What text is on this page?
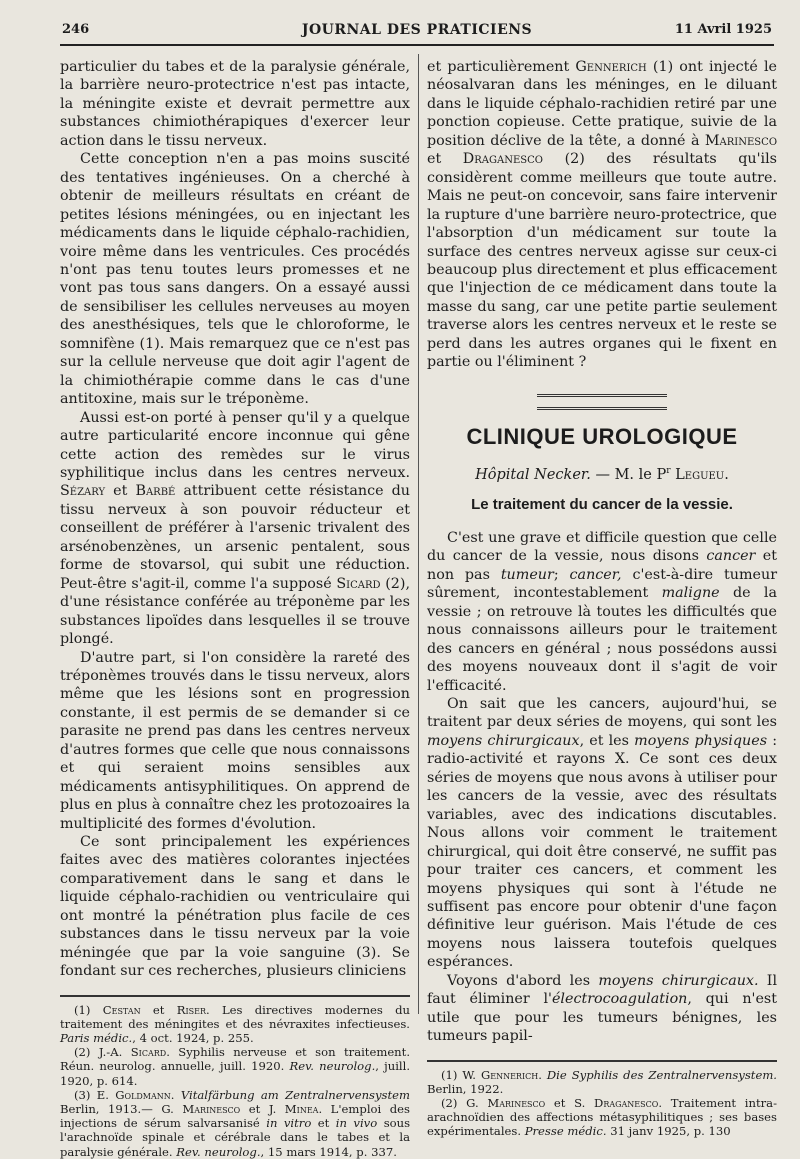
246	JOURNAL DES PRATICIENS	11 Avril 1925

particulier du tabes et de la paralysie générale, la barrière neuro-protectrice n'est pas intacte, la méningite existe et devrait permettre aux substances chimiothérapiques d'exercer leur action dans le tissu nerveux.

Cette conception n'en a pas moins suscité des tentatives ingénieuses. On a cherché à obtenir de meilleurs résultats en créant de petites lésions méningées, ou en injectant les médicaments dans le liquide céphalo-rachidien, voire même dans les ventricules. Ces procédés n'ont pas tenu toutes leurs promesses et ne vont pas tous sans dangers. On a essayé aussi de sensibiliser les cellules nerveuses au moyen des anesthésiques, tels que le chloroforme, le somnifène (1). Mais remarquez que ce n'est pas sur la cellule nerveuse que doit agir l'agent de la chimiothérapie comme dans le cas d'une antitoxine, mais sur le tréponème.

Aussi est-on porté à penser qu'il y a quelque autre particularité encore inconnue qui gêne cette action des remèdes sur le virus syphilitique inclus dans les centres nerveux. Sézary et Barbé attribuent cette résistance du tissu nerveux à son pouvoir réducteur et conseillent de préférer à l'arsenic trivalent des arsénobenzènes, un arsenic pentalent, sous forme de stovarsol, qui subit une réduction. Peut-être s'agit-il, comme l'a supposé Sicard (2), d'une résistance conférée au tréponème par les substances lipoïdes dans lesquelles il se trouve plongé.

D'autre part, si l'on considère la rareté des tréponèmes trouvés dans le tissu nerveux, alors même que les lésions sont en progression constante, il est permis de se demander si ce parasite ne prend pas dans les centres nerveux d'autres formes que celle que nous connaissons et qui seraient moins sensibles aux médicaments antisyphilitiques. On apprend de plus en plus à connaître chez les protozoaires la multiplicité des formes d'évolution.

Ce sont principalement les expériences faites avec des matières colorantes injectées comparativement dans le sang et dans le liquide céphalo-rachidien ou ventriculaire qui ont montré la pénétration plus facile de ces substances dans le tissu nerveux par la voie méningée que par la voie sanguine (3). Se fondant sur ces recherches, plusieurs cliniciens

(1) Cestan et Riser. Les directives modernes du traitement des méningites et des névraxites infectieuses. Paris médic., 4 oct. 1924, p. 255.

(2) J.-A. Sicard. Syphilis nerveuse et son traitement. Réun. neurolog. annuelle, juill. 1920. Rev. neurolog., juill. 1920, p. 614.

(3) E. Goldmann. Vitalfärbung am Zentralnervensystem Berlin, 1913.— G. Marinesco et J. Minea. L'emploi des injections de sérum salvarsanisé in vitro et in vivo sous l'arachnoïde spinale et cérébrale dans le tabes et la paralysie générale. Rev. neurolog., 15 mars 1914, p. 337.

et particulièrement Gennerich (1) ont injecté le néosalvaran dans les méninges, en le diluant dans le liquide céphalo-rachidien retiré par une ponction copieuse. Cette pratique, suivie de la position déclive de la tête, a donné à Marinesco et Draganesco (2) des résultats qu'ils considèrent comme meilleurs que toute autre. Mais ne peut-on concevoir, sans faire intervenir la rupture d'une barrière neuro-protectrice, que l'absorption d'un médicament sur toute la surface des centres nerveux agisse sur ceux-ci beaucoup plus directement et plus efficacement que l'injection de ce médicament dans toute la masse du sang, car une petite partie seulement traverse alors les centres nerveux et le reste se perd dans les autres organes qui le fixent en partie ou l'éliminent ?

CLINIQUE UROLOGIQUE
Hôpital Necker. — M. le $P^r$ Legueu.
Le traitement du cancer de la vessie.

C'est une grave et difficile question que celle du cancer de la vessie, nous disons cancer et non pas tumeur; cancer, c'est-à-dire tumeur sûrement, incontestablement maligne de la vessie ; on retrouve là toutes les difficultés que nous connaissons ailleurs pour le traitement des cancers en général ; nous possédons aussi des moyens nouveaux dont il s'agit de voir l'efficacité.

On sait que les cancers, aujourd'hui, se traitent par deux séries de moyens, qui sont les moyens chirurgicaux, et les moyens physiques : radio-activité et rayons X. Ce sont ces deux séries de moyens que nous avons à utiliser pour les cancers de la vessie, avec des résultats variables, avec des indications discutables. Nous allons voir comment le traitement chirurgical, qui doit être conservé, ne suffit pas pour traiter ces cancers, et comment les moyens physiques qui sont à l'étude ne suffisent pas encore pour obtenir d'une façon définitive leur guérison. Mais l'étude de ces moyens nous laissera toutefois quelques espérances.

Voyons d'abord les moyens chirurgicaux. Il faut éliminer l'électrocoagulation, qui n'est utile que pour les tumeurs bénignes, les tumeurs papil-

(1) W. Gennerich. Die Syphilis des Zentralnervensystem. Berlin, 1922.

(2) G. Marinesco et S. Draganesco. Traitement intra-arachnoïdien des affections métasyphilitiques ; ses bases expérimentales. Presse médic. 31 janv 1925, p. 130
